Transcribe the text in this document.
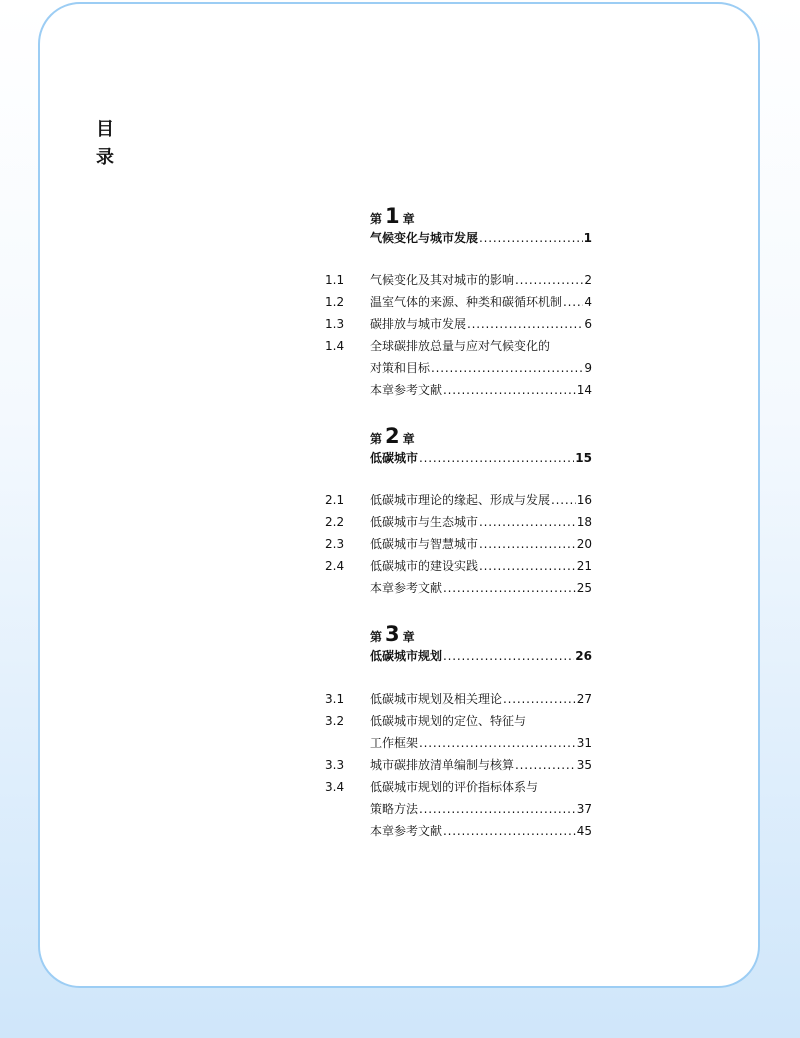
目
录
第 1 章
气候变化与城市发展 . . .	1
1.1	气候变化及其对城市的影响 . . .	2
1.2	温室气体的来源、种类和碳循环机制 . . . 4
1.3	碳排放与城市发展 . . .	6
1.4	全球碳排放总量与应对气候变化的
对策和目标 . . .	9
本章参考文献 . . .	14
第 2 章
低碳城市 . . .	15
2.1	低碳城市理论的缘起、形成与发展 . . . 16
2.2	低碳城市与生态城市 . . .	18
2.3	低碳城市与智慧城市 . . .	20
2.4	低碳城市的建设实践 . . .	21
本章参考文献 . . .	25
第 3 章
低碳城市规划 . . .	26
3.1	低碳城市规划及相关理论 . . .	27
3.2	低碳城市规划的定位、特征与
工作框架 . . .	31
3.3	城市碳排放清单编制与核算 . . .	35
3.4	低碳城市规划的评价指标体系与
策略方法 . . .	37
本章参考文献 . . .	45
